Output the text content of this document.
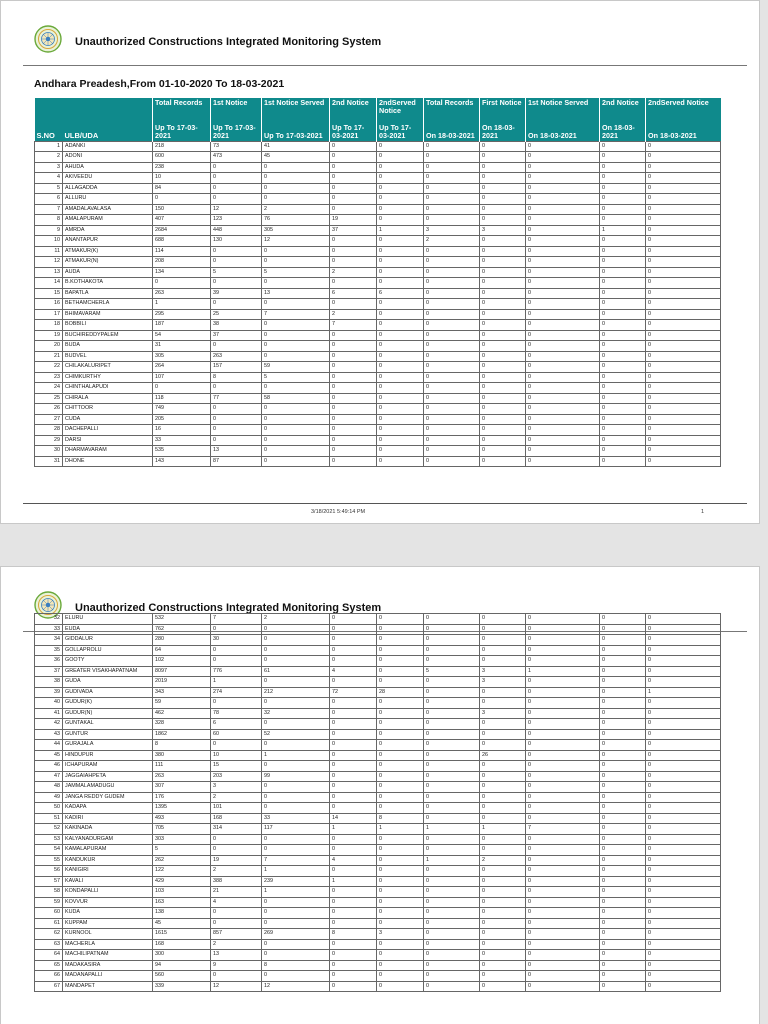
Unauthorized Constructions Integrated Monitoring System
Andhara Preadesh,From 01-10-2020 To 18-03-2021
		Total Records	1st Notice	1st Notice Served	2nd Notice	2ndServed Notice	Total Records	First Notice	1st Notice Served	2nd Notice	2ndServed Notice
S.NO	ULB/UDA	Up To 17-03-2021	Up To 17-03-2021	Up To 17-03-2021	Up To 17-03-2021	Up To 17-03-2021	On 18-03-2021	On 18-03-2021	On 18-03-2021	On 18-03-2021	On 18-03-2021
1	ADANKI	218	73	41	0	0	0	0	0	0	0
2	ADONI	600	473	45	0	0	0	0	0	0	0
3	AHUDA	238	0	0	0	0	0	0	0	0	0
4	AKIVEEDU	10	0	0	0	0	0	0	0	0	0
5	ALLAGADDA	84	0	0	0	0	0	0	0	0	0
6	ALLURU	0	0	0	0	0	0	0	0	0	0
7	AMADALAVALASA	150	12	2	0	0	0	0	0	0	0
8	AMALAPURAM	407	123	76	19	0	0	0	0	0	0
9	AMRDA	2684	448	305	37	1	3	3	0	1	0
10	ANANTAPUR	688	130	12	0	0	2	0	0	0	0
11	ATMAKUR(K)	114	0	0	0	0	0	0	0	0	0
12	ATMAKUR(N)	208	0	0	0	0	0	0	0	0	0
13	AUDA	134	5	5	2	0	0	0	0	0	0
14	B.KOTHAKOTA	0	0	0	0	0	0	0	0	0	0
15	BAPATLA	263	39	13	6	6	0	0	0	0	0
16	BETHAMCHERLA	1	0	0	0	0	0	0	0	0	0
17	BHIMAVARAM	295	25	7	2	0	0	0	0	0	0
18	BOBBILI	187	38	0	7	0	0	0	0	0	0
19	BUCHIREDDYPALEM	54	37	0	0	0	0	0	0	0	0
20	BUDA	31	0	0	0	0	0	0	0	0	0
21	BUDVEL	305	263	0	0	0	0	0	0	0	0
22	CHILAKALURIPET	264	157	59	0	0	0	0	0	0	0
23	CHIMKURTHY	107	8	5	0	0	0	0	0	0	0
24	CHINTHALAPUDI	0	0	0	0	0	0	0	0	0	0
25	CHIRALA	118	77	58	0	0	0	0	0	0	0
26	CHITTOOR	749	0	0	0	0	0	0	0	0	0
27	CUDA	205	0	0	0	0	0	0	0	0	0
28	DACHEPALLI	16	0	0	0	0	0	0	0	0	0
29	DARSI	33	0	0	0	0	0	0	0	0	0
30	DHARMAVARAM	535	13	0	0	0	0	0	0	0	0
31	DHONE	143	87	0	0	0	0	0	0	0	0
3/18/2021 5:49:14 PM	1
Unauthorized Constructions Integrated Monitoring System
32	ELURU	532	7	2	0	0	0	0	0	0	0
33	EUDA	762	0	0	0	0	0	0	0	0	0
34	GIDDALUR	280	30	0	0	0	0	0	0	0	0
35	GOLLAPROLU	64	0	0	0	0	0	0	0	0	0
36	GOOTY	102	0	0	0	0	0	0	0	0	0
37	GREATER VISAKHAPATNAM	8097	776	61	4	0	5	3	1	0	0
38	GUDA	2019	1	0	0	0	0	3	0	0	0
39	GUDIVADA	343	274	212	72	28	0	0	0	0	1
40	GUDUR(K)	59	0	0	0	0	0	0	0	0	0
41	GUDUR(N)	462	78	32	0	0	0	3	0	0	0
42	GUNTAKAL	328	6	0	0	0	0	0	0	0	0
43	GUNTUR	1862	60	52	0	0	0	0	0	0	0
44	GURAJALA	8	0	0	0	0	0	0	0	0	0
45	HINDUPUR	380	10	1	0	0	0	26	0	0	0
46	ICHAPURAM	111	15	0	0	0	0	0	0	0	0
47	JAGGAIAHPETA	263	203	99	0	0	0	0	0	0	0
48	JAMMALAMADUGU	307	3	0	0	0	0	0	0	0	0
49	JANGA REDDY GUDEM	176	2	0	0	0	0	0	0	0	0
50	KADAPA	1395	101	0	0	0	0	0	0	0	0
51	KADIRI	493	168	33	14	8	0	0	0	0	0
52	KAKINADA	705	314	117	1	1	1	1	7	0	0
53	KALYANADURGAM	303	0	0	0	0	0	0	0	0	0
54	KAMALAPURAM	5	0	0	0	0	0	0	0	0	0
55	KANDUKUR	262	19	7	4	0	1	2	0	0	0
56	KANIGIRI	122	2	1	0	0	0	0	0	0	0
57	KAVALI	429	388	239	1	0	0	0	0	0	0
58	KONDAPALLI	103	21	1	0	0	0	0	0	0	0
59	KOVVUR	163	4	0	0	0	0	0	0	0	0
60	KUDA	138	0	0	0	0	0	0	0	0	0
61	KUPPAM	45	0	0	0	0	0	0	0	0	0
62	KURNOOL	1615	857	269	8	3	0	0	0	0	0
63	MACHERLA	168	2	0	0	0	0	0	0	0	0
64	MACHILIPATNAM	300	13	0	0	0	0	0	0	0	0
65	MADAKASIRA	94	9	8	0	0	0	0	0	0	0
66	MADANAPALLI	560	0	0	0	0	0	0	0	0	0
67	MANDAPET	339	12	12	0	0	0	0	0	0	0
